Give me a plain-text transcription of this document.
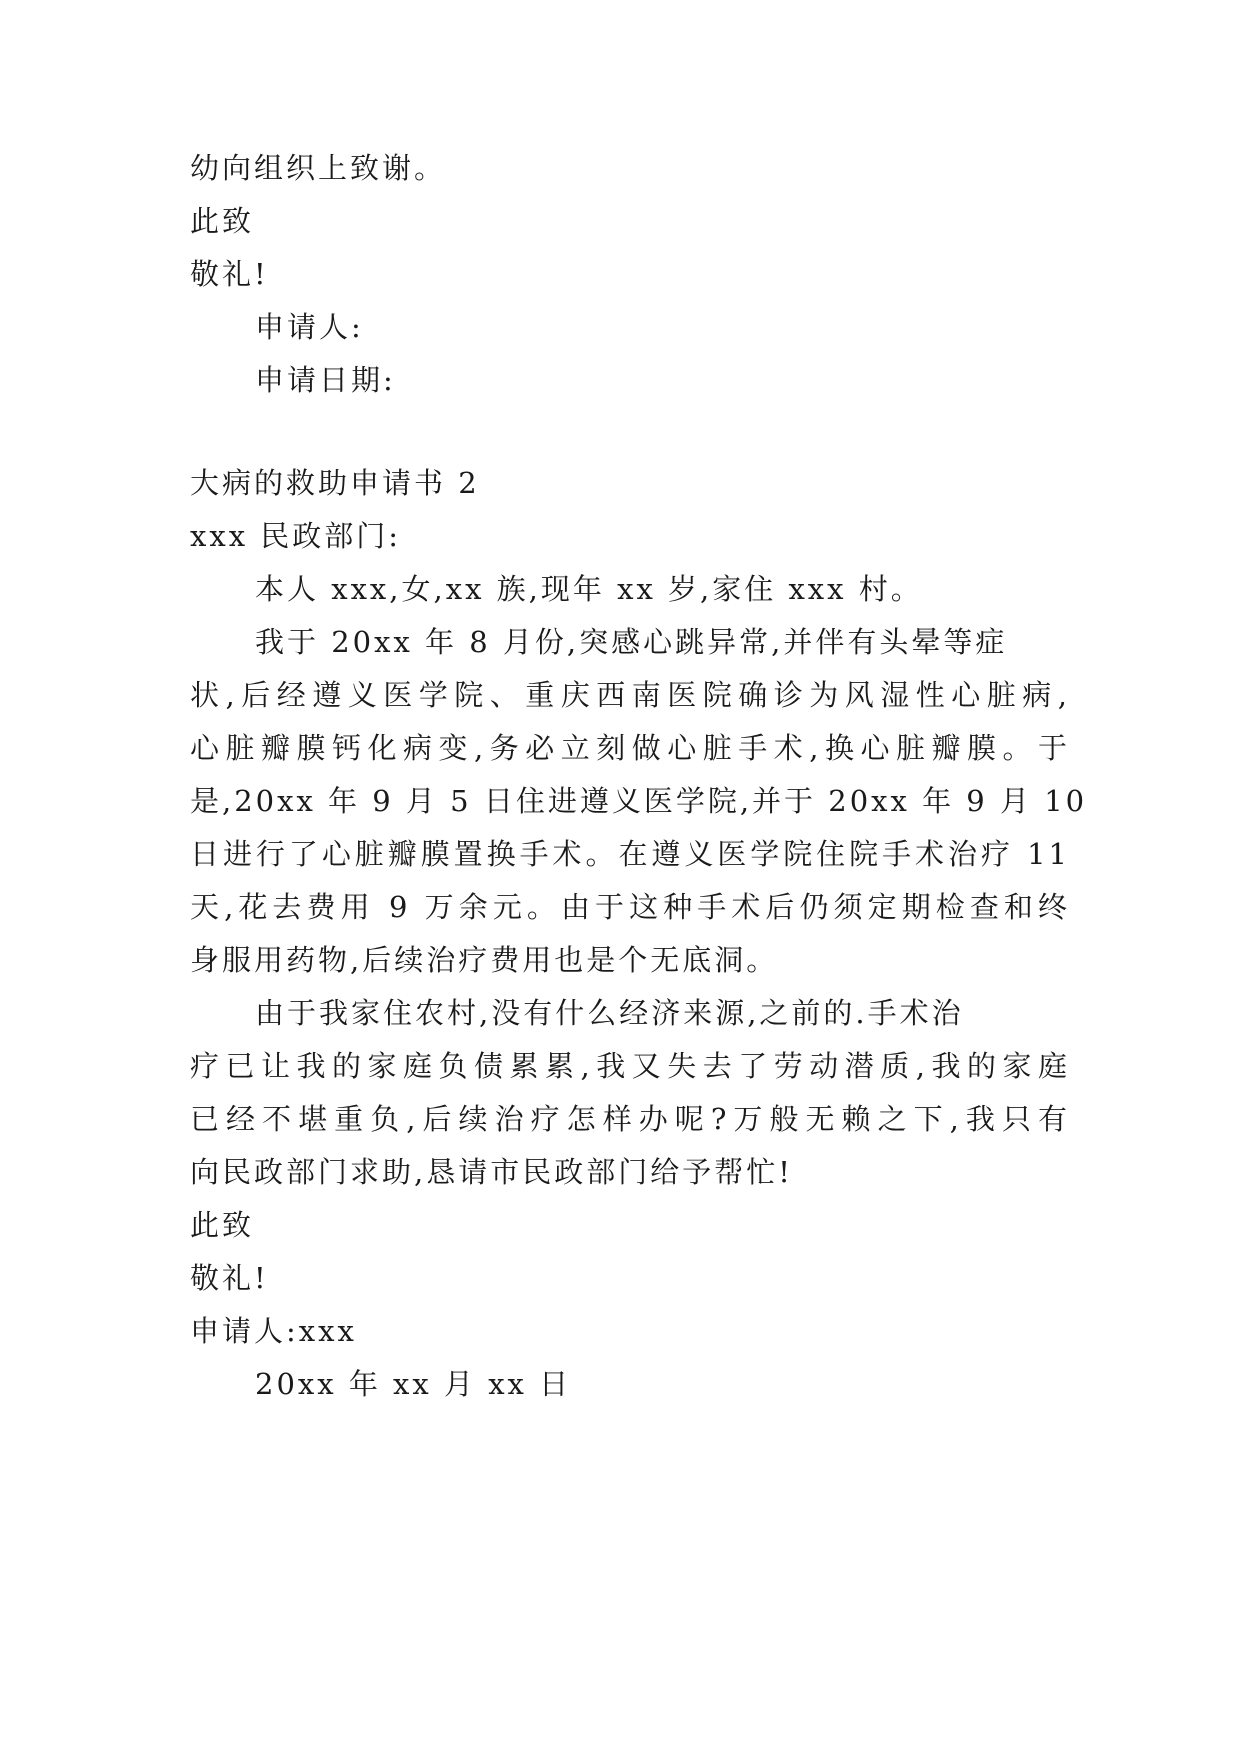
幼向组织上致谢。
此致
敬礼!
申请人:
申请日期:
大病的救助申请书 2
xxx 民政部门:
本人 xxx,女,xx 族,现年 xx 岁,家住 xxx 村。
我于 20xx 年 8 月份,突感心跳异常,并伴有头晕等症
状,后经遵义医学院、重庆西南医院确诊为风湿性心脏病,
心脏瓣膜钙化病变,务必立刻做心脏手术,换心脏瓣膜。于
是,20xx 年 9 月 5 日住进遵义医学院,并于 20xx 年 9 月 10
日进行了心脏瓣膜置换手术。在遵义医学院住院手术治疗 11
天,花去费用 9 万余元。由于这种手术后仍须定期检查和终
身服用药物,后续治疗费用也是个无底洞。
由于我家住农村,没有什么经济来源,之前的.手术治
疗已让我的家庭负债累累,我又失去了劳动潜质,我的家庭
已经不堪重负,后续治疗怎样办呢?万般无赖之下,我只有
向民政部门求助,恳请市民政部门给予帮忙!
此致
敬礼!
申请人:xxx
20xx 年 xx 月 xx 日
